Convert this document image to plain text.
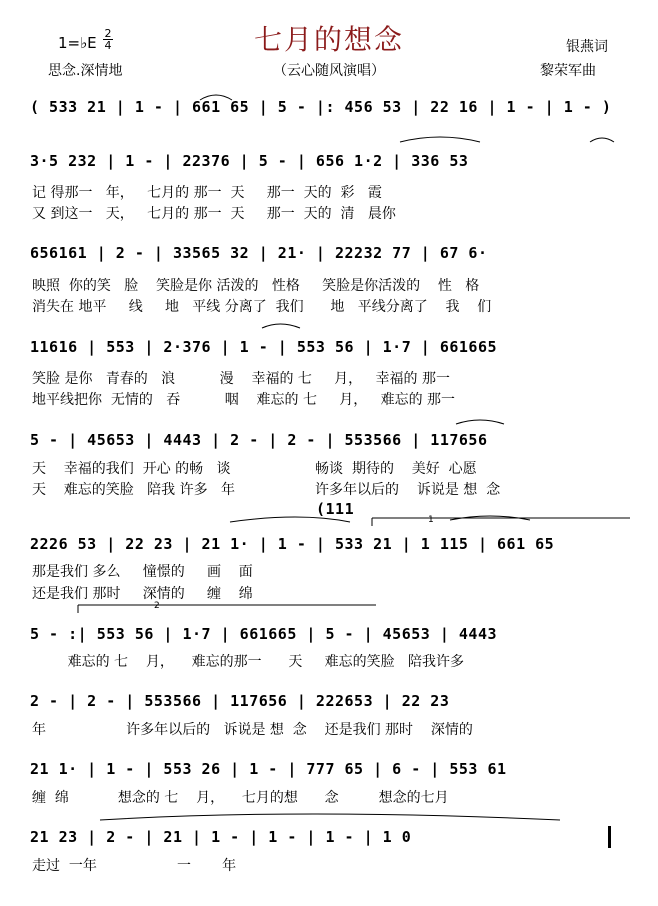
七月的想念
1=♭E
2
4
思念.深情地	（云心随风演唱）
银燕词
黎荣军曲
( 533 21 | 1 - | 661 65 | 5 - |: 456 53 | 22 16 | 1 - | 1 - )
3·5 232 | 1 - | 22376 | 5 - | 656 1·2 | 336 53
记 得那一   年，   七月的 那一  天     那一  天的  彩   霞
又 到这一   天，   七月的 那一  天     那一  天的  清   晨你
656161 | 2 - | 33565 32 | 21· | 22232 77 | 67 6·
映照  你的笑   脸    笑脸是你 活泼的   性格     笑脸是你活泼的    性   格
消失在 地平     线     地   平线 分离了  我们      地   平线分离了    我    们
11616 | 553 | 2·376 | 1 - | 553 56 | 1·7 | 661665
笑脸 是你   青春的   浪          漫    幸福的 七     月，   幸福的 那一
地平线把你  无情的   吞          咽    难忘的 七     月，   难忘的 那一
5 - | 45653 | 4443 | 2 - | 2 - | 553566 | 117656
天    幸福的我们  开心 的畅   谈                   畅谈  期待的    美好  心愿
天    难忘的笑脸   陪我 许多   年                  许多年以后的    诉说是 想  念
(111
2226 53 | 22 23 | 21 1· | 1 - | 533 21 | 1 115 | 661 65
那是我们 多么     憧憬的     画    面
还是我们 那时     深情的     缠    绵
5 - :| 553 56 | 1·7 | 661665 | 5 - | 45653 | 4443
难忘的 七    月，    难忘的那一      天     难忘的笑脸   陪我许多
2 - | 2 - | 553566 | 117656 | 222653 | 22 23
年                  许多年以后的   诉说是 想  念    还是我们 那时    深情的
21 1· | 1 - | 553 26 | 1 - | 777 65 | 6 - | 553 61
缠  绵           想念的 七    月，    七月的想      念         想念的七月
21 23 | 2 - | 21 | 1 - | 1 - | 1 - | 1 0
走过  一年                  一       年
1
2
